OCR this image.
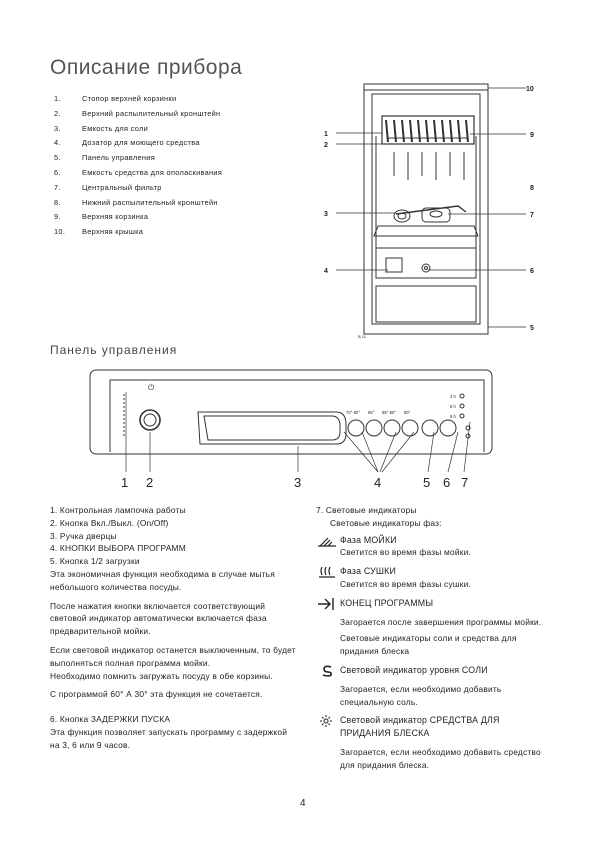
Описание прибора
1.	Стопор верхней корзинки
2.	Верхний распылительный кронштейн
3.	Емкость для соли
4.	Дозатор для моющего средства
5.	Панель управления
6.	Емкость средства для ополаскивания
7.	Центральный фильтр
8.	Нижний распылительный кронштейн
9.	Верхняя корзинка
10.	Верхняя крышка
1
2
3
4
5
6
7
8
9
10
B 11
Панель управления
⏻
70°-50° 65° 65°-50° 50°
3 h
6 h
9 h
1 2	3	4	5 6 7

1. Контрольная лампочка работы

2. Кнопка Вкл./Выкл. (On/Off)

3. Ручка дверцы

4. КНОПКИ ВЫБОРА ПРОГРАММ

5. Кнопка 1/2 загрузки

Эта экономичная функция необходима в случае мытья небольшого количества посуды.

После нажатия кнопки включается соответствующий световой индикатор автоматически включается фаза предварительной мойки.

Если световой индикатор останется выключенным, то будет выполняться полная программа мойки.

Необходимо помнить загружать посуду в обе корзины.

С программой 60° А 30° эта функция не сочетается.

6. Кнопка ЗАДЕРЖКИ ПУСКА

Эта функция позволяет запускать программу с задержкой на 3, 6 или 9 часов.

7. Световые индикаторы

Световые индикаторы фаз:

Фаза МОЙКИ

Светится во время фазы мойки.

Фаза СУШКИ

Светится во время фазы сушки.

КОНЕЦ ПРОГРАММЫ

Загорается после завершения программы мойки.

Световые индикаторы соли и средства для придания блеска

Световой индикатор уровня СОЛИ

Загорается, если необходимо добавить специальную соль.

Световой индикатор СРЕДСТВА ДЛЯ ПРИДАНИЯ БЛЕСКА

Загорается, если необходимо добавить средство для придания блеска.

4
